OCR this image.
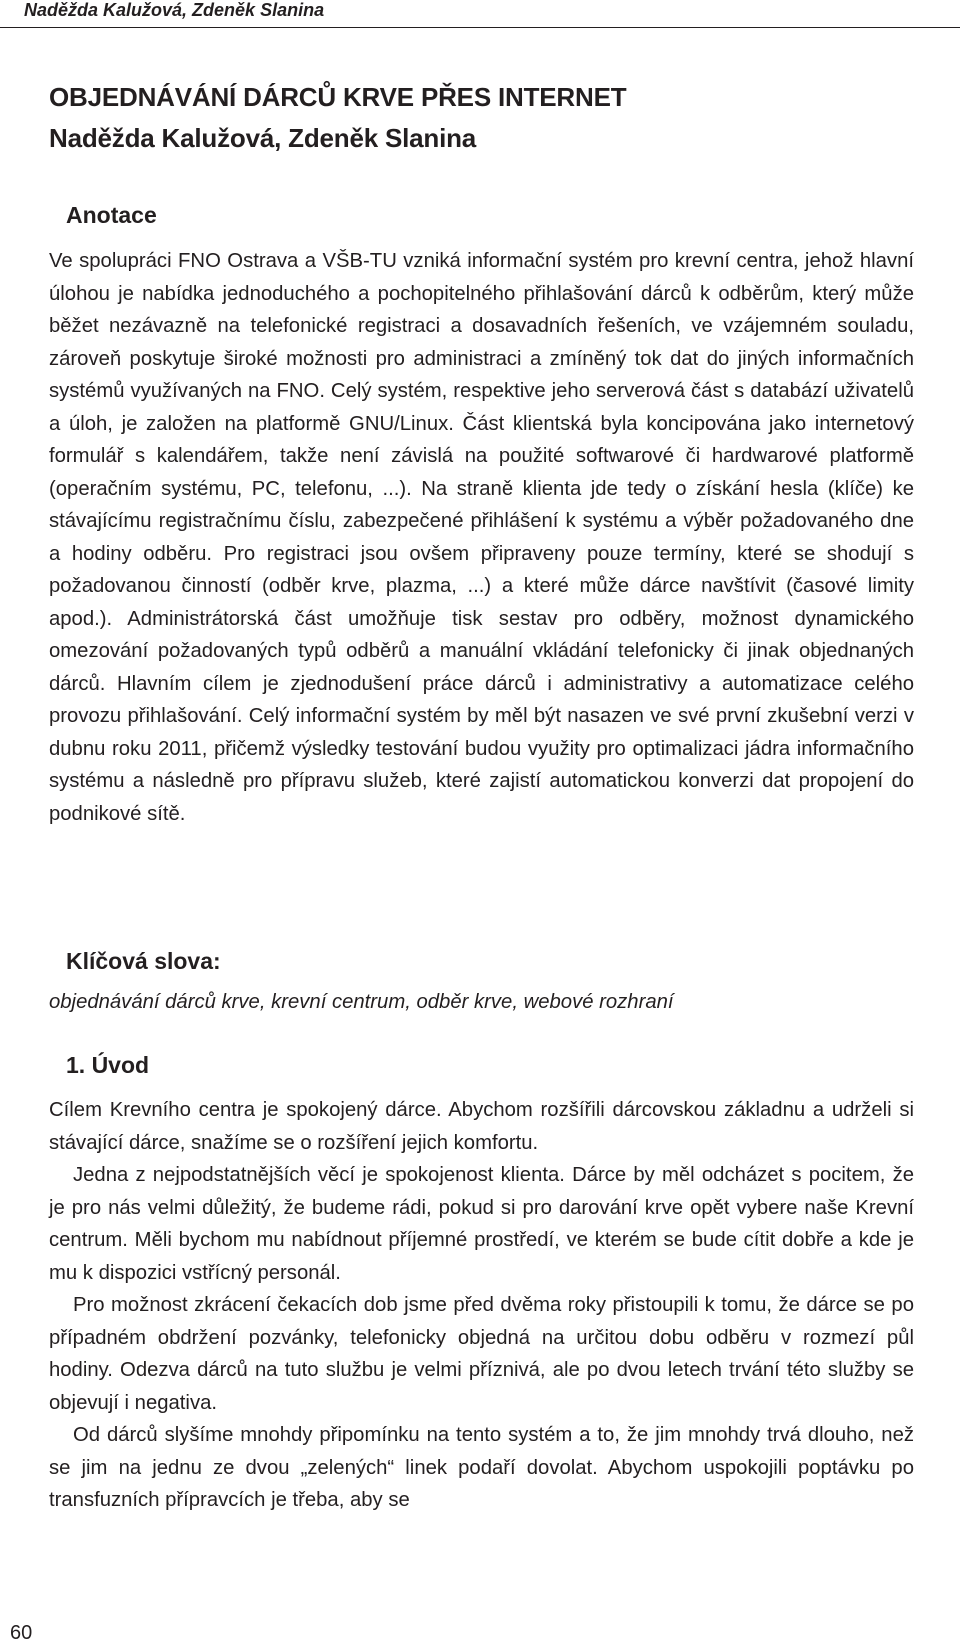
Naděžda Kalužová, Zdeněk Slanina
OBJEDNÁVÁNÍ DÁRCŮ KRVE PŘES INTERNET
Naděžda Kalužová, Zdeněk Slanina
Anotace

Ve spolupráci FNO Ostrava a VŠB-TU vzniká informační systém pro krevní centra, jehož hlavní úlohou je nabídka jednoduchého a pochopitelného přihlašování dárců k odběrům, který může běžet nezávazně na telefonické registraci a dosavadních řešeních, ve vzájemném souladu, zároveň poskytuje široké možnosti pro administraci a zmíněný tok dat do jiných informačních systémů využívaných na FNO. Celý systém, respektive jeho serverová část s databází uživatelů a úloh, je založen na platformě GNU/Linux. Část klientská byla koncipována jako internetový formulář s kalendářem, takže není závislá na použité softwarové či hardwarové platformě (operačním systému, PC, telefonu, ...). Na straně klienta jde tedy o získání hesla (klíče) ke stávajícímu registračnímu číslu, zabezpečené přihlášení k systému a výběr požadovaného dne a hodiny odběru. Pro registraci jsou ovšem připraveny pouze termíny, které se shodují s požadovanou činností (odběr krve, plazma, ...) a které může dárce navštívit (časové limity apod.). Administrátorská část umožňuje tisk sestav pro odběry, možnost dynamického omezování požadovaných typů odběrů a manuální vkládání telefonicky či jinak objednaných dárců. Hlavním cílem je zjednodušení práce dárců i administrativy a automatizace celého provozu přihlašování. Celý informační systém by měl být nasazen ve své první zkušební verzi v dubnu roku 2011, přičemž výsledky testování budou využity pro optimalizaci jádra informačního systému a následně pro přípravu služeb, které zajistí automatickou konverzi dat propojení do podnikové sítě.

Klíčová slova:
objednávání dárců krve, krevní centrum, odběr krve, webové rozhraní
1. Úvod

Cílem Krevního centra je spokojený dárce. Abychom rozšířili dárcovskou základnu a udrželi si stávající dárce, snažíme se o rozšíření jejich komfortu.

Jedna z nejpodstatnějších věcí je spokojenost klienta. Dárce by měl odcházet s pocitem, že je pro nás velmi důležitý, že budeme rádi, pokud si pro darování krve opět vybere naše Krevní centrum. Měli bychom mu nabídnout příjemné prostředí, ve kterém se bude cítit dobře a kde je mu k dispozici vstřícný personál.

Pro možnost zkrácení čekacích dob jsme před dvěma roky přistoupili k tomu, že dárce se po případném obdržení pozvánky, telefonicky objedná na určitou dobu odběru v rozmezí půl hodiny. Odezva dárců na tuto službu je velmi příznivá, ale po dvou letech trvání této služby se objevují i negativa.

Od dárců slyšíme mnohdy připomínku na tento systém a to, že jim mnohdy trvá dlouho, než se jim na jednu ze dvou „zelených“ linek podaří dovolat. Abychom uspokojili poptávku po transfuzních přípravcích je třeba, aby se

60
